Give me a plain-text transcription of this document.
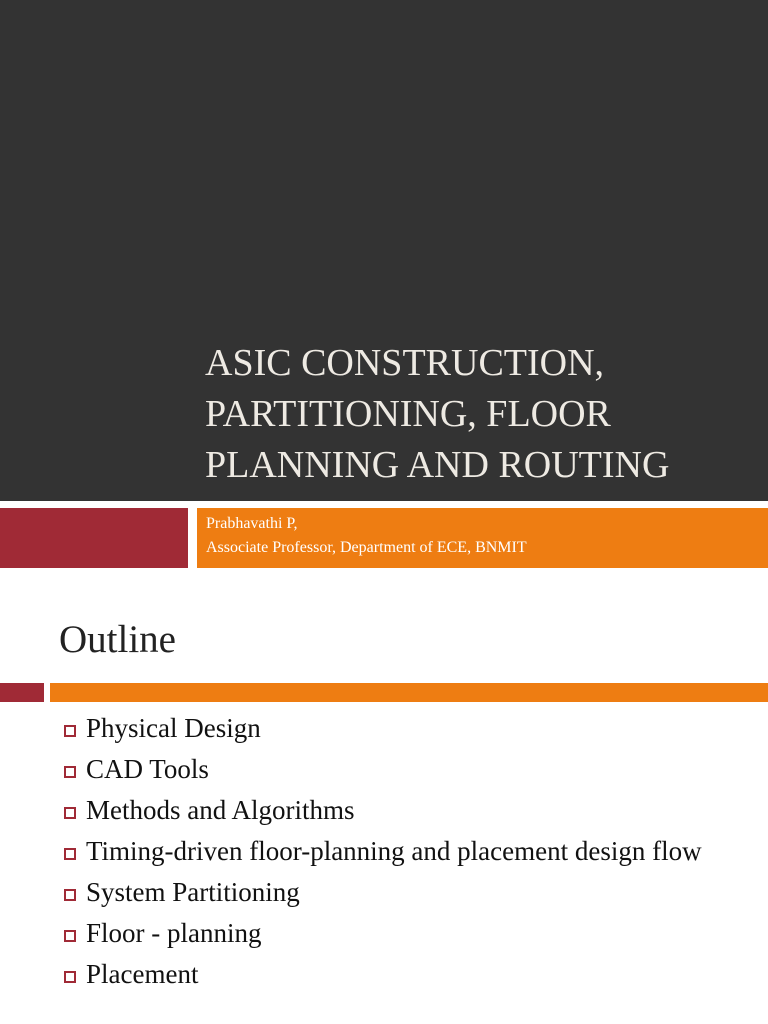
ASIC CONSTRUCTION,
PARTITIONING, FLOOR
PLANNING AND ROUTING
Prabhavathi P,
Associate Professor, Department of ECE, BNMIT
Outline
Physical Design
CAD Tools
Methods and Algorithms
Timing-driven floor-planning and placement design flow
System Partitioning
Floor - planning
Placement
